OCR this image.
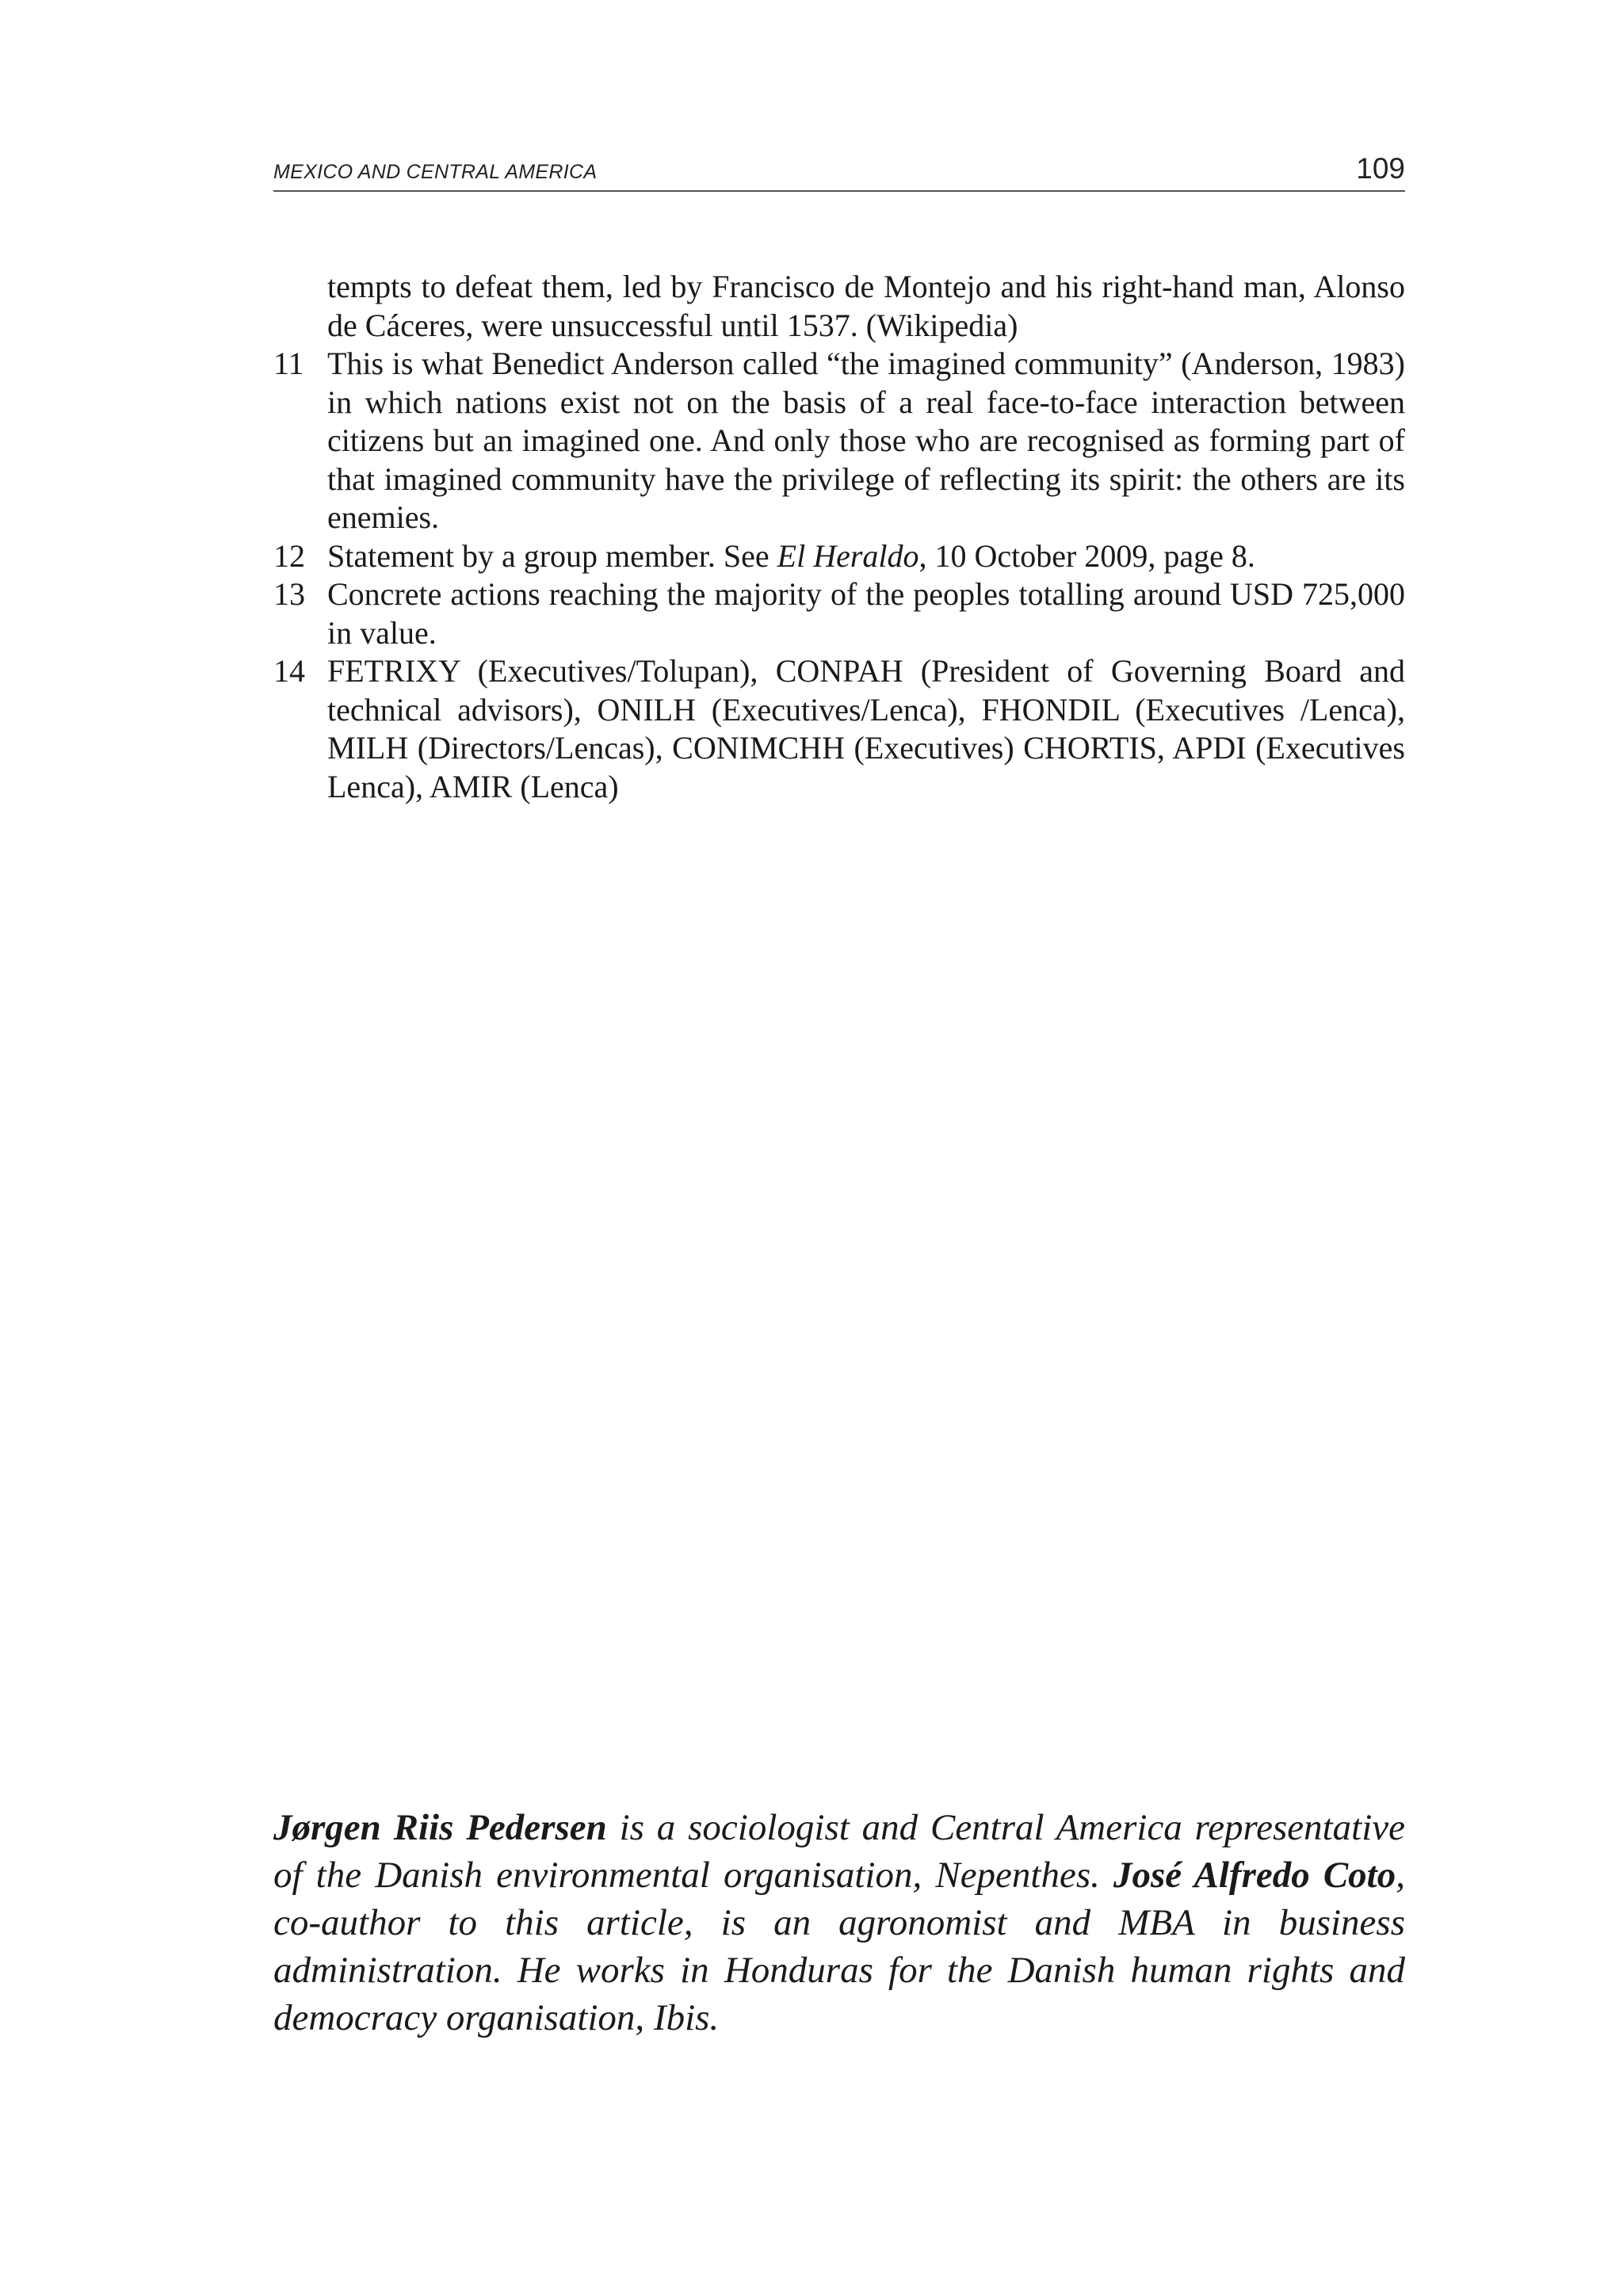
MEXICO AND CENTRAL AMERICA	109
tempts to defeat them, led by Francisco de Montejo and his right-hand man, Alonso de Cáceres, were unsuccessful until 1537. (Wikipedia)
11 This is what Benedict Anderson called “the imagined community” (Anderson, 1983) in which nations exist not on the basis of a real face-to-face interaction between citizens but an imagined one. And only those who are recognised as forming part of that imagined community have the privilege of reflecting its spirit: the others are its enemies.
12 Statement by a group member. See El Heraldo, 10 October 2009, page 8.
13 Concrete actions reaching the majority of the peoples totalling around USD 725,000 in value.
14 FETRIXY (Executives/Tolupan), CONPAH (President of Governing Board and technical advisors), ONILH (Executives/Lenca), FHONDIL (Executives /Lenca), MILH (Directors/Lencas), CONIMCHH (Executives) CHORTIS, APDI (Executives Lenca), AMIR (Lenca)
Jørgen Riis Pedersen is a sociologist and Central America representative of the Danish environmental organisation, Nepenthes. José Alfredo Coto, co-author to this article, is an agronomist and MBA in business administration. He works in Honduras for the Danish human rights and democracy organisation, Ibis.
